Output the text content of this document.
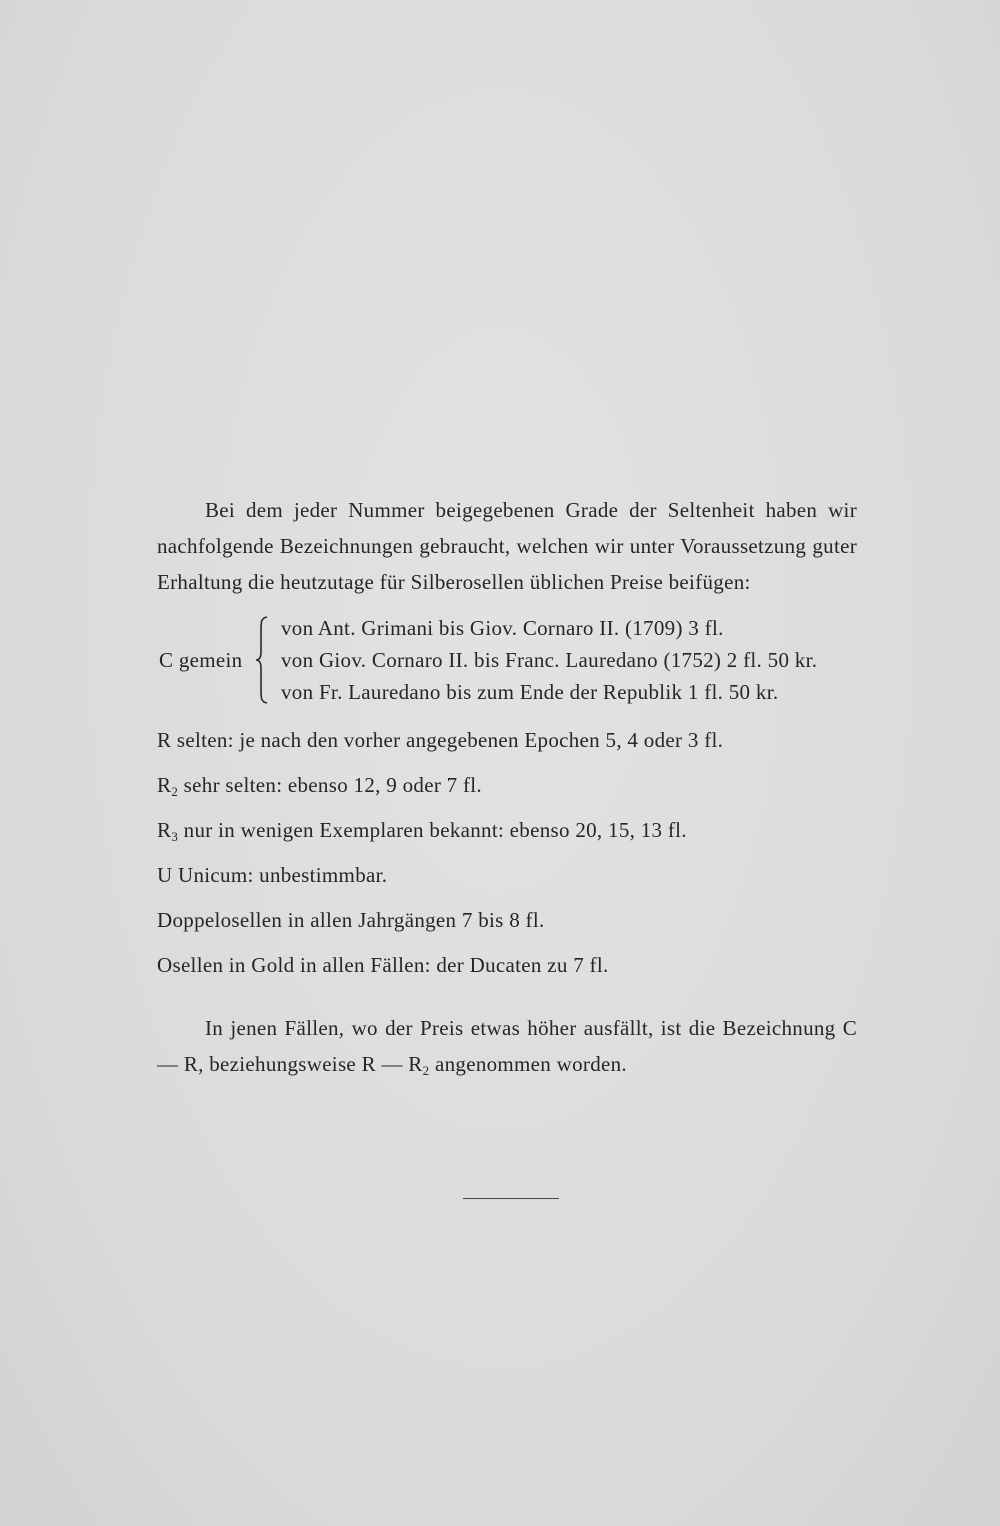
Bei dem jeder Nummer beigegebenen Grade der Seltenheit haben wir nachfolgende Bezeichnungen gebraucht, welchen wir unter Voraussetzung guter Erhaltung die heutzutage für Silberosellen üblichen Preise beifügen:

C gemein
von Ant. Grimani bis Giov. Cornaro II. (1709) 3 fl.
von Giov. Cornaro II. bis Franc. Lauredano (1752) 2 fl. 50 kr.
von Fr. Lauredano bis zum Ende der Republik 1 fl. 50 kr.
R selten: je nach den vorher angegebenen Epochen 5, 4 oder 3 fl.
$R_2$ sehr selten: ebenso 12, 9 oder 7 fl.
$R_3$ nur in wenigen Exemplaren bekannt: ebenso 20, 15, 13 fl.
U Unicum: unbestimmbar.
Doppelosellen in allen Jahrgängen 7 bis 8 fl.
Osellen in Gold in allen Fällen: der Ducaten zu 7 fl.

In jenen Fällen, wo der Preis etwas höher ausfällt, ist die Bezeichnung C — R, beziehungsweise R — $R_2$ angenommen worden.
